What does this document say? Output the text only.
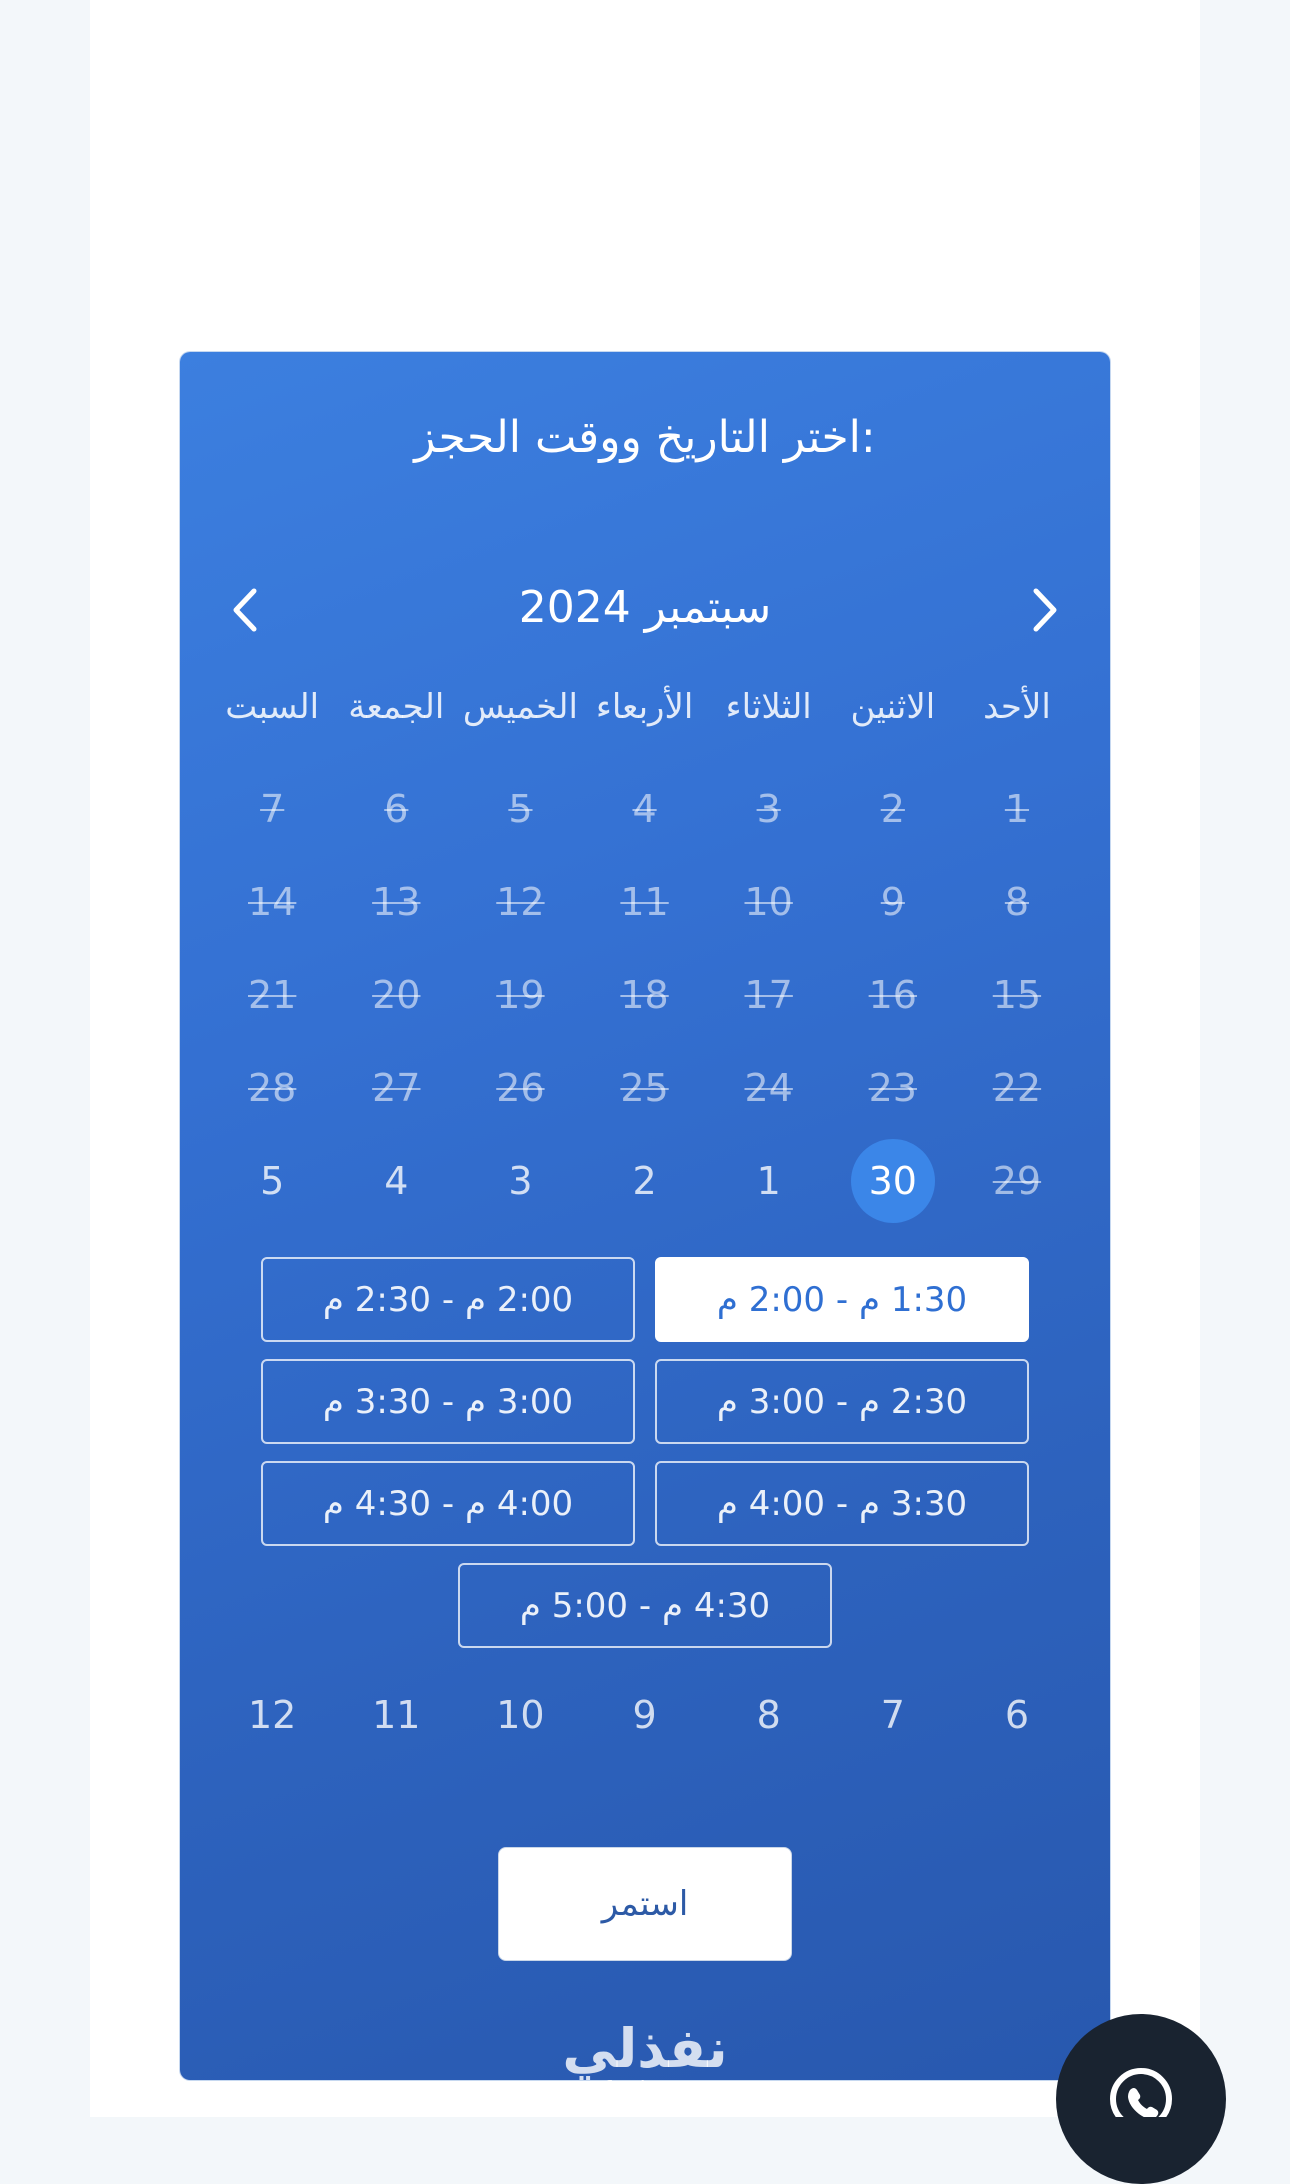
اختر التاريخ ووقت الحجز:
سبتمبر 2024
الأحد
الاثنين
الثلاثاء
الأربعاء
الخميس
الجمعة
السبت
1
2
3
4
5
6
7
8
9
10
11
12
13
14
15
16
17
18
19
20
21
22
23
24
25
26
27
28
29
30
1
2
3
4
5
1:30 م - 2:00 م
2:00 م - 2:30 م
2:30 م - 3:00 م
3:00 م - 3:30 م
3:30 م - 4:00 م
4:00 م - 4:30 م
4:30 م - 5:00 م
6
7
8
9
10
11
12
استمر
نفذلي
nafezly.com
